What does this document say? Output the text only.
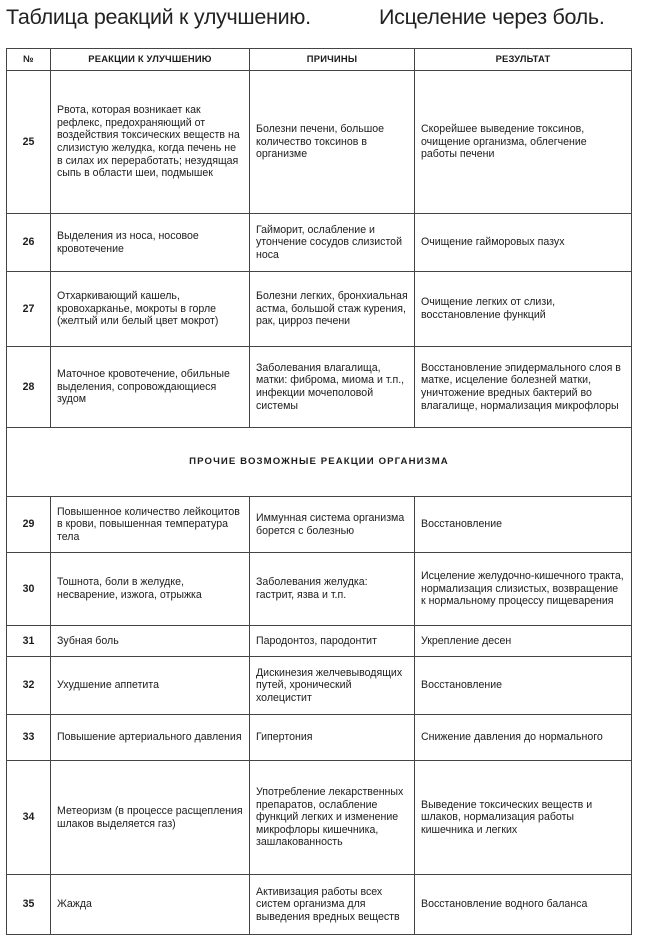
Таблица реакций к улучшению.

	Исцеление через боль.

№	РЕАКЦИИ К УЛУЧШЕНИЮ	ПРИЧИНЫ	РЕЗУЛЬТАТ
25	Рвота, которая возникает как рефлекс, предохраняющий от воздействия токсических веществ на слизистую желудка, когда печень не в силах их переработать; незудящая сыпь в области шеи, подмышек	Болезни печени, большое количество токсинов в организме	Скорейшее выведение токсинов, очищение организма, облегчение работы печени
26	Выделения из носа, носовое кровотечение	Гайморит, ослабление и утончение сосудов слизистой носа	Очищение гайморовых пазух
27	Отхаркивающий кашель, кровохарканье, мокроты в горле (желтый или белый цвет мокрот)	Болезни легких, бронхиальная астма, большой стаж курения, рак, цирроз печени	Очищение легких от слизи, восстановление функций
28	Маточное кровотечение, обильные выделения, сопровождающиеся зудом	Заболевания влагалища, матки: фиброма, миома и т.п., инфекции мочеполовой системы	Восстановление эпидермального слоя в матке, исцеление болезней матки, уничтожение вредных бактерий во влагалище, нормализация микрофлоры
ПРОЧИЕ ВОЗМОЖНЫЕ РЕАКЦИИ ОРГАНИЗМА			
29	Повышенное количество лейкоцитов в крови, повышенная температура тела	Иммунная система организма борется с болезнью	Восстановление
30	Тошнота, боли в желудке, несварение, изжога, отрыжка	Заболевания желудка: гастрит, язва и т.п.	Исцеление желудочно-кишечного тракта, нормализация слизистых, возвращение к нормальному процессу пищеварения
31	Зубная боль	Пародонтоз, пародонтит	Укрепление десен
32	Ухудшение аппетита	Дискинезия желчевыводящих путей, хронический холецистит	Восстановление
33	Повышение артериального давления	Гипертония	Снижение давления до нормального
34	Метеоризм (в процессе расщепления шлаков выделяется газ)	Употребление лекарственных препаратов, ослабление функций легких и изменение микрофлоры кишечника, зашлакованность	Выведение токсических веществ и шлаков, нормализация работы кишечника и легких
35	Жажда	Активизация работы всех систем организма для выведения вредных веществ	Восстановление водного баланса
